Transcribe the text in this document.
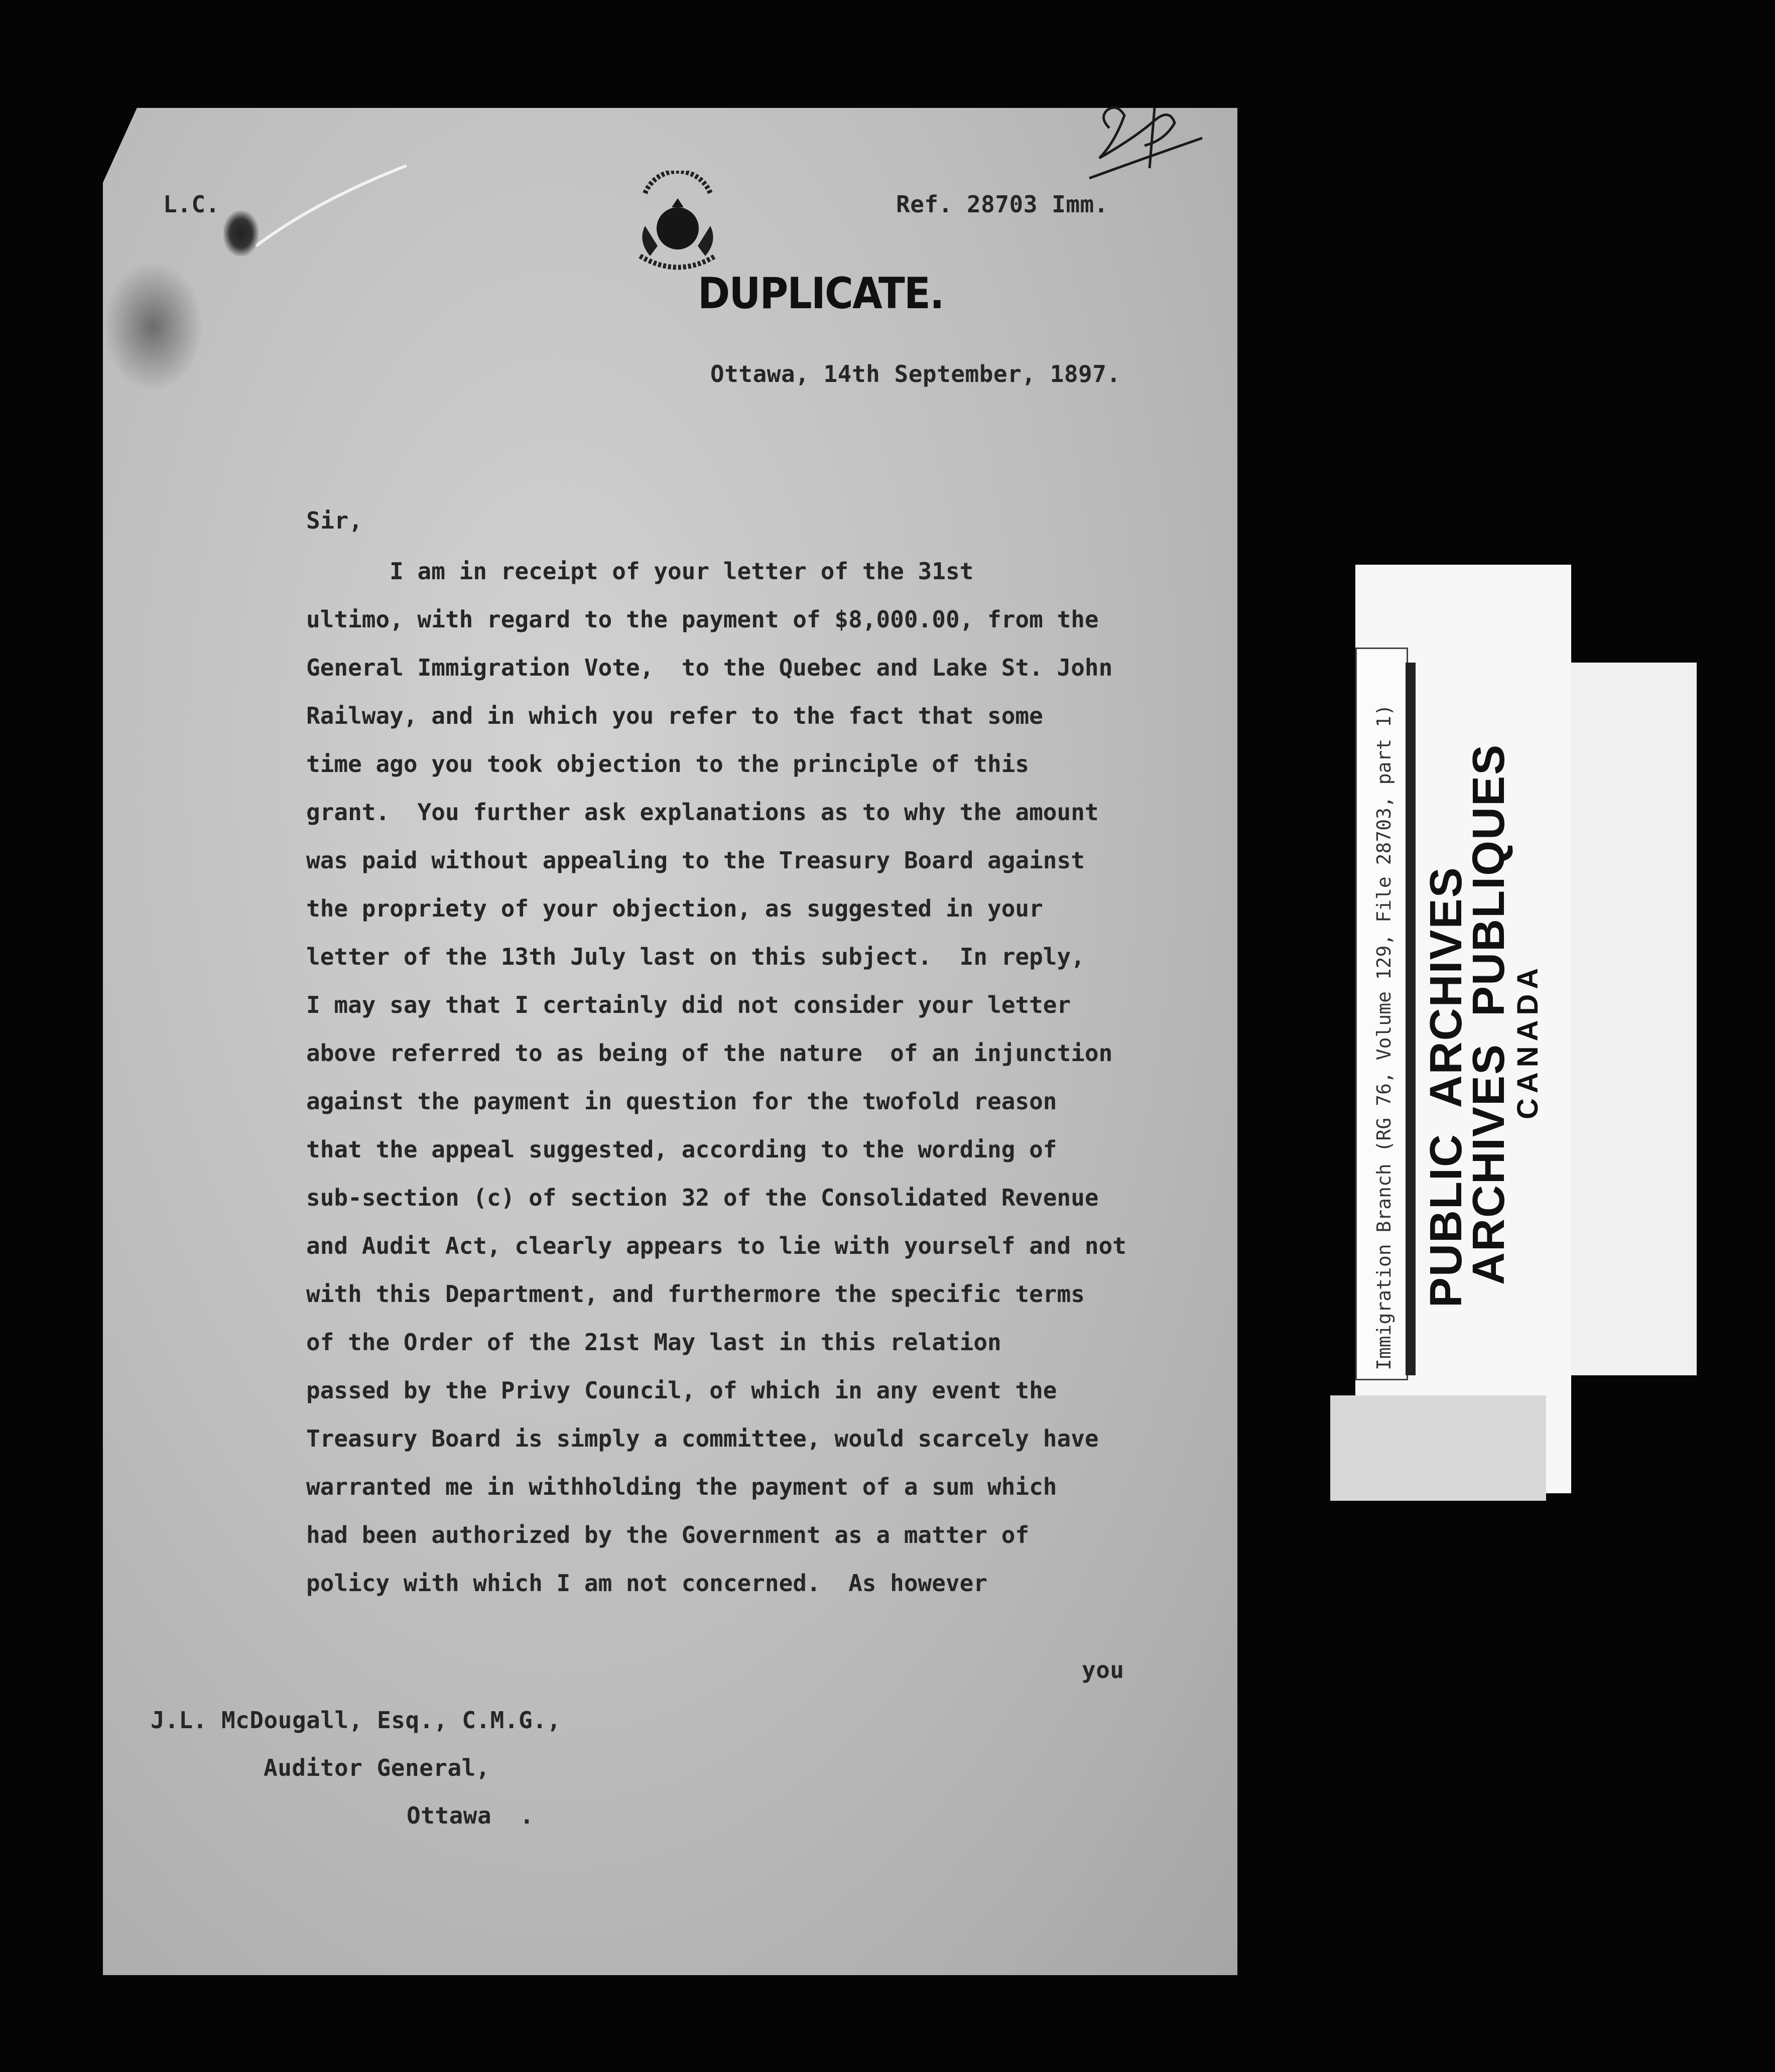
L.C.	Ref. 28703 Imm.
DUPLICATE.
Ottawa, 14th September, 1897.
Sir,
I am in receipt of your letter of the 31st
ultimo, with regard to the payment of $8,000.00, from the
General Immigration Vote,  to the Quebec and Lake St. John
Railway, and in which you refer to the fact that some
time ago you took objection to the principle of this
grant.  You further ask explanations as to why the amount
was paid without appealing to the Treasury Board against
the propriety of your objection, as suggested in your
letter of the 13th July last on this subject.  In reply,
I may say that I certainly did not consider your letter
above referred to as being of the nature  of an injunction
against the payment in question for the twofold reason
that the appeal suggested, according to the wording of
sub-section (c) of section 32 of the Consolidated Revenue
and Audit Act, clearly appears to lie with yourself and not
with this Department, and furthermore the specific terms
of the Order of the 21st May last in this relation
passed by the Privy Council, of which in any event the
Treasury Board is simply a committee, would scarcely have
warranted me in withholding the payment of a sum which
had been authorized by the Government as a matter of
policy with which I am not concerned.  As however
you
J.L. McDougall, Esq., C.M.G.,
Auditor General,
Ottawa  .
Immigration Branch (RG 76, Volume 129, File 28703, part 1) PUBLIC  ARCHIVES
ARCHIVES  PUBLIQUES
CANADA
